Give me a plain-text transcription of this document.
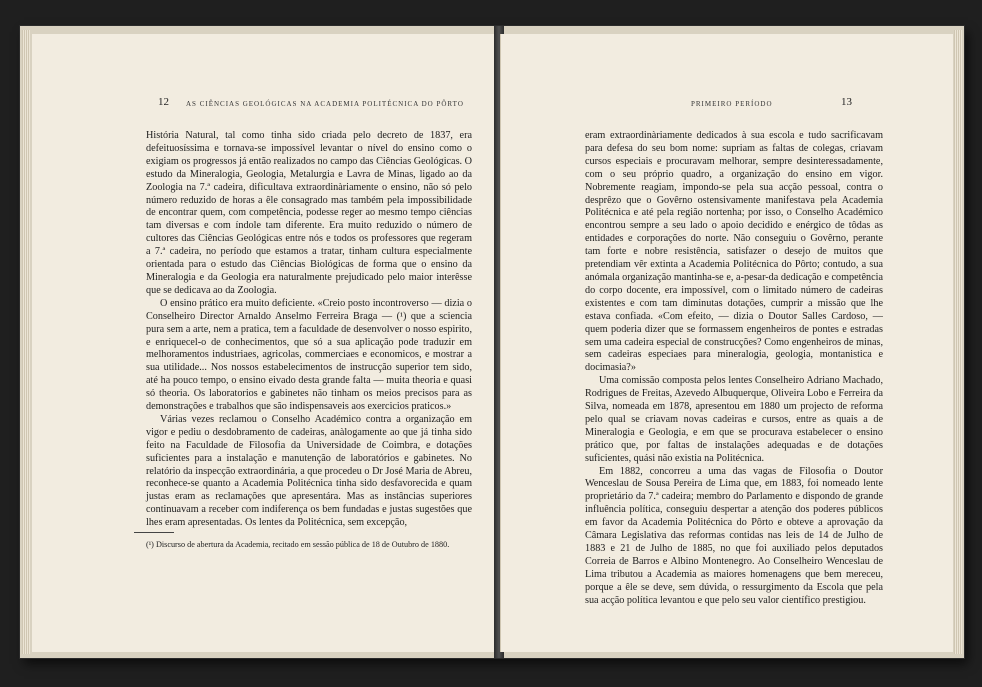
12 AS CIÊNCIAS GEOLÓGICAS NA ACADEMIA POLITÉCNICA DO PÔRTO

História Natural, tal como tinha sido criada pelo decreto de 1837, era defeituosíssima e tornava-se impossível levantar o nível do ensino como o exigiam os progressos já então realizados no campo das Ciências Geológicas. O estudo da Mineralogia, Geologia, Metalurgia e Lavra de Minas, ligado ao da Zoologia na 7.ª cadeira, dificultava extraordinàriamente o ensino, não só pelo número reduzido de horas a êle consagrado mas também pela impossibilidade de encontrar quem, com competência, podesse reger ao mesmo tempo ciências tam diversas e com índole tam diferente. Era muito reduzido o número de cultores das Ciências Geológicas entre nós e todos os professores que regeram a 7.ª cadeira, no período que estamos a tratar, tinham cultura especialmente orientada para o estudo das Ciências Biológicas de forma que o ensino da Mineralogia e da Geologia era naturalmente prejudicado pelo maior interêsse que se dedicava ao da Zoologia.

O ensino prático era muito deficiente. «Creio posto incontroverso — dizia o Conselheiro Director Arnaldo Anselmo Ferreira Braga — (¹) que a sciencia pura sem a arte, nem a pratica, tem a faculdade de desenvolver o nosso espirito, e enriquecel-o de conhecimentos, que só a sua aplicação pode traduzir em melhoramentos industriaes, agricolas, commerciaes e economicos, e mostrar a sua utilidade... Nos nossos estabelecimentos de instrucção superior tem sido, até ha pouco tempo, o ensino eivado desta grande falta — muita theoria e quasi só theoria. Os laboratorios e gabinetes não tinham os meios precisos para as demonstrações e trabalhos que são indispensaveis aos exercicios praticos.»

Várias vezes reclamou o Conselho Académico contra a organização em vigor e pediu o desdobramento de cadeiras, anàlogamente ao que já tinha sido feito na Faculdade de Filosofia da Universidade de Coimbra, e dotações suficientes para a instalação e manutenção de laboratórios e gabinetes. No relatório da inspecção extraordinária, a que procedeu o Dr José Maria de Abreu, reconhece-se quanto a Academia Politécnica tinha sido desfavorecida e quam justas eram as reclamações que apresentára. Mas as instâncias superiores continuavam a receber com indiferença os bem fundadas e justas sugestões que lhes eram apresentadas. Os lentes da Politécnica, sem excepção,

(¹) Discurso de abertura da Academia, recitado em sessão pública de 18 de Outubro de 1880.

PRIMEIRO PERÍODO	13

eram extraordinàriamente dedicados à sua escola e tudo sacrificavam para defesa do seu bom nome: supriam as faltas de colegas, criavam cursos especiais e procuravam melhorar, sempre desinteressadamente, com o seu próprio quadro, a organização do ensino em vigor. Nobremente reagiam, impondo-se pela sua acção pessoal, contra o desprêzo que o Govêrno ostensivamente manifestava pela Academia Politécnica e até pela região nortenha; por isso, o Conselho Académico encontrou sempre a seu lado o apoio decidido e enérgico de tôdas as entidades e corporações do norte. Não conseguiu o Govêrno, perante tam forte e nobre resistência, satisfazer o desejo de muitos que pretendiam vêr extinta a Academia Politécnica do Pôrto; contudo, a sua anómala organização mantinha-se e, a-pesar-da dedicação e competência do corpo docente, era impossível, com o limitado número de cadeiras existentes e com tam diminutas dotações, cumprir a missão que lhe estava confiada. «Com efeito, — dizia o Doutor Salles Cardoso, — quem poderia dizer que se formassem engenheiros de pontes e estradas sem uma cadeira especial de construcções? Como engenheiros de minas, sem cadeiras especiaes para mineralogia, geologia, montanistica e docimasia?»

Uma comissão composta pelos lentes Conselheiro Adriano Machado, Rodrigues de Freitas, Azevedo Albuquerque, Oliveira Lobo e Ferreira da Silva, nomeada em 1878, apresentou em 1880 um projecto de reforma pelo qual se criavam novas cadeiras e cursos, entre as quais a de Mineralogia e Geologia, e em que se procurava estabelecer o ensino prático que, por faltas de instalações adequadas e de dotações suficientes, quási não existia na Politécnica.

Em 1882, concorreu a uma das vagas de Filosofia o Doutor Wenceslau de Sousa Pereira de Lima que, em 1883, foi nomeado lente proprietário da 7.ª cadeira; membro do Parlamento e dispondo de grande influência política, conseguiu despertar a atenção dos poderes públicos em favor da Academia Politécnica do Pôrto e obteve a aprovação da Câmara Legislativa das reformas contidas nas leis de 14 de Julho de 1883 e 21 de Julho de 1885, no que foi auxiliado pelos deputados Correia de Barros e Albino Montenegro. Ao Conselheiro Wenceslau de Lima tributou a Academia as maiores homenagens que bem mereceu, porque a êle se deve, sem dúvida, o ressurgimento da Escola que pela sua acção política levantou e que pelo seu valor científico prestigiou.
